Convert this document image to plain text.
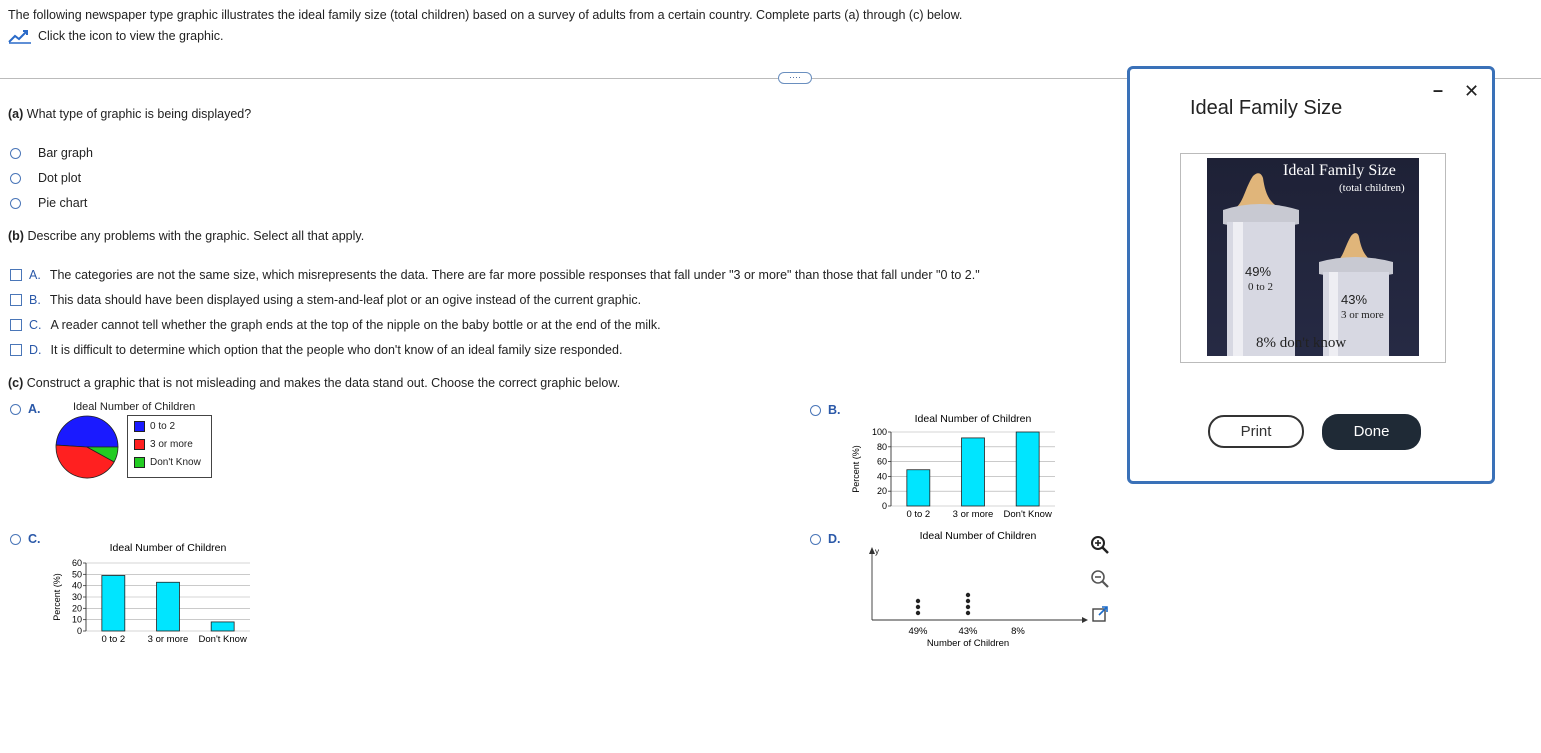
The following newspaper type graphic illustrates the ideal family size (total children) based on a survey of adults from a certain country. Complete parts (a) through (c) below.
Click the icon to view the graphic.
····
(a) What type of graphic is being displayed?
Bar graph
Dot plot
Pie chart
(b) Describe any problems with the graphic. Select all that apply.
A. The categories are not the same size, which misrepresents the data. There are far more possible responses that fall under "3 or more" than those that fall under "0 to 2."
B. This data should have been displayed using a stem-and-leaf plot or an ogive instead of the current graphic.
C. A reader cannot tell whether the graph ends at the top of the nipple on the baby bottle or at the end of the milk.
D. It is difficult to determine which option that the people who don't know of an ideal family size responded.
(c) Construct a graphic that is not misleading and makes the data stand out. Choose the correct graphic below.
A.	Ideal Number of Children
0 to 2
3 or more
Don't Know
B.
Ideal Number of Children
Percent (%)
0
20
40
60
80
100
0 to 2 3 or more Don't Know
C.
Ideal Number of Children
Percent (%)
0
10
20
30
40
50
60
0 to 2 3 or more Don't Know
D.	Ideal Number of Children
y
49%	43%	8%
Number of Children
Ideal Family Size
– ✕
Ideal Family Size
(total children)
49%
0 to 2
43%
3 or more
8% don't know
Print	Done
